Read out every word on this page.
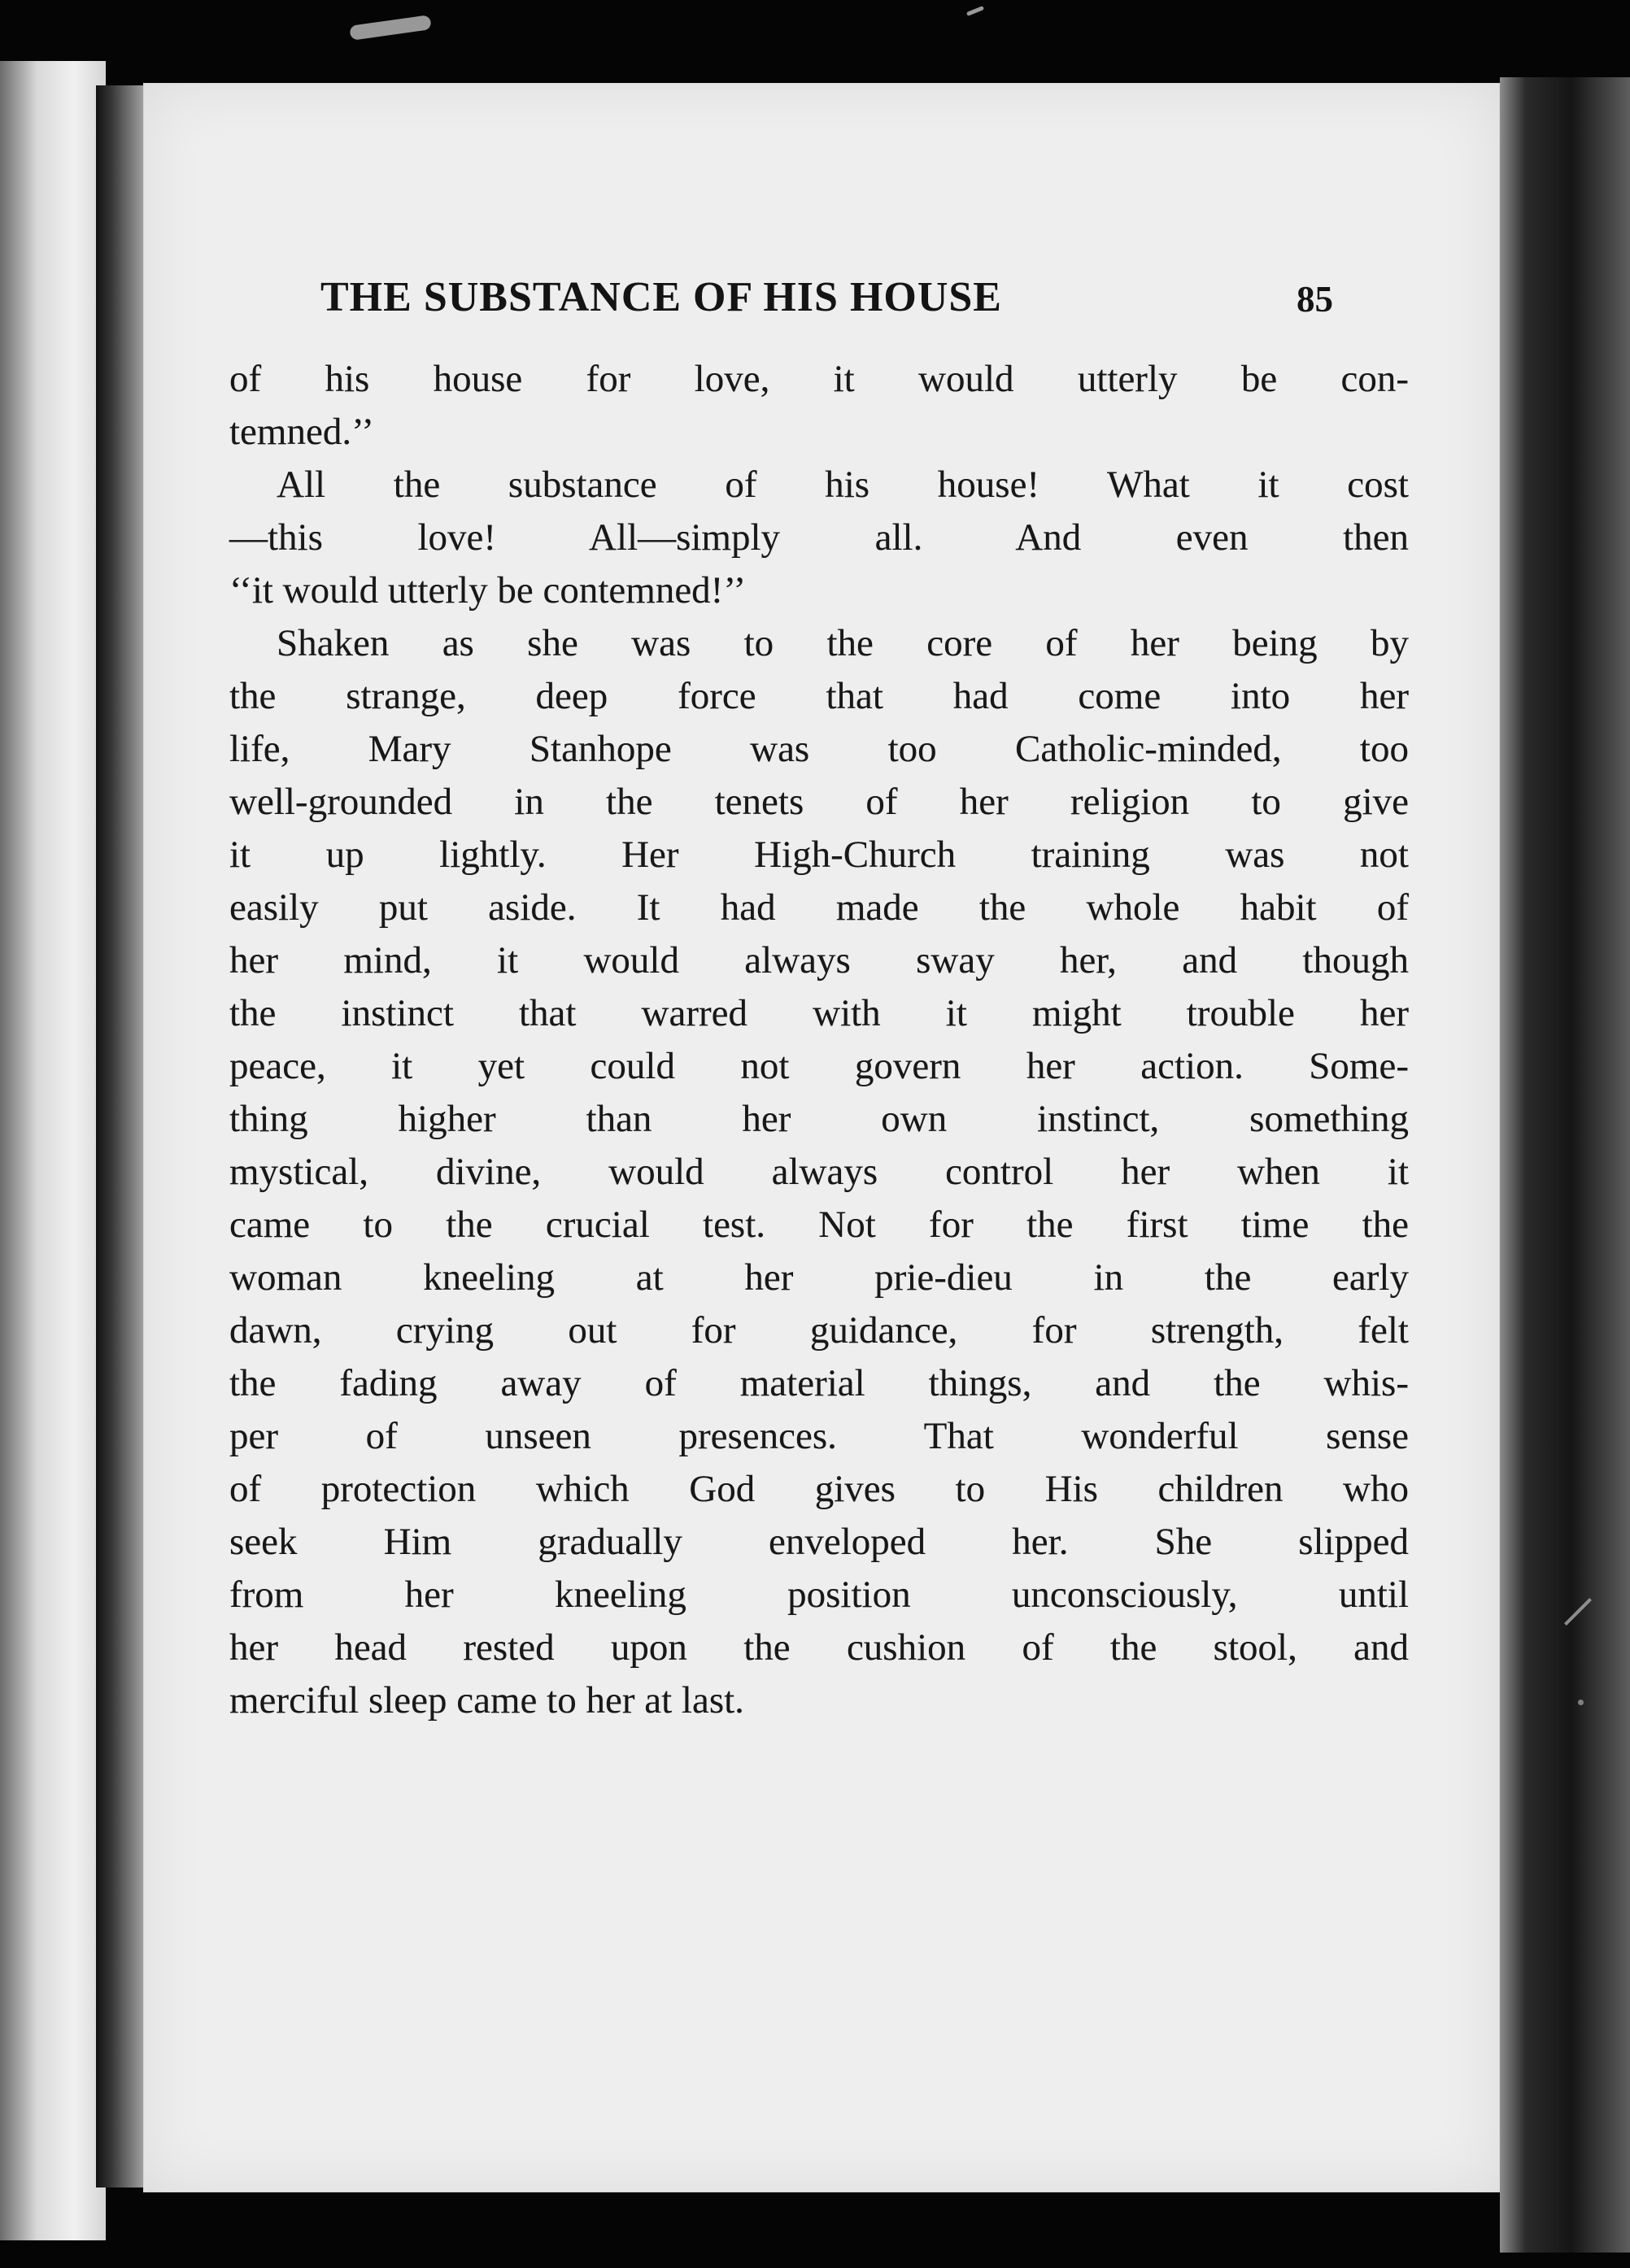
THE SUBSTANCE OF HIS HOUSE	85
of his house for love, it would utterly be con-
temned.’’
All the substance of his house! What it cost
—this love! All—simply all. And even then
‘‘it would utterly be contemned!’’
Shaken as she was to the core of her being by
the strange, deep force that had come into her
life, Mary Stanhope was too Catholic-minded, too
well-grounded in the tenets of her religion to give
it up lightly. Her High-Church training was not
easily put aside. It had made the whole habit of
her mind, it would always sway her, and though
the instinct that warred with it might trouble her
peace, it yet could not govern her action. Some-
thing higher than her own instinct, something
mystical, divine, would always control her when it
came to the crucial test. Not for the first time the
woman kneeling at her prie-dieu in the early
dawn, crying out for guidance, for strength, felt
the fading away of material things, and the whis-
per of unseen presences. That wonderful sense
of protection which God gives to His children who
seek Him gradually enveloped her. She slipped
from her kneeling position unconsciously, until
her head rested upon the cushion of the stool, and
merciful sleep came to her at last.
